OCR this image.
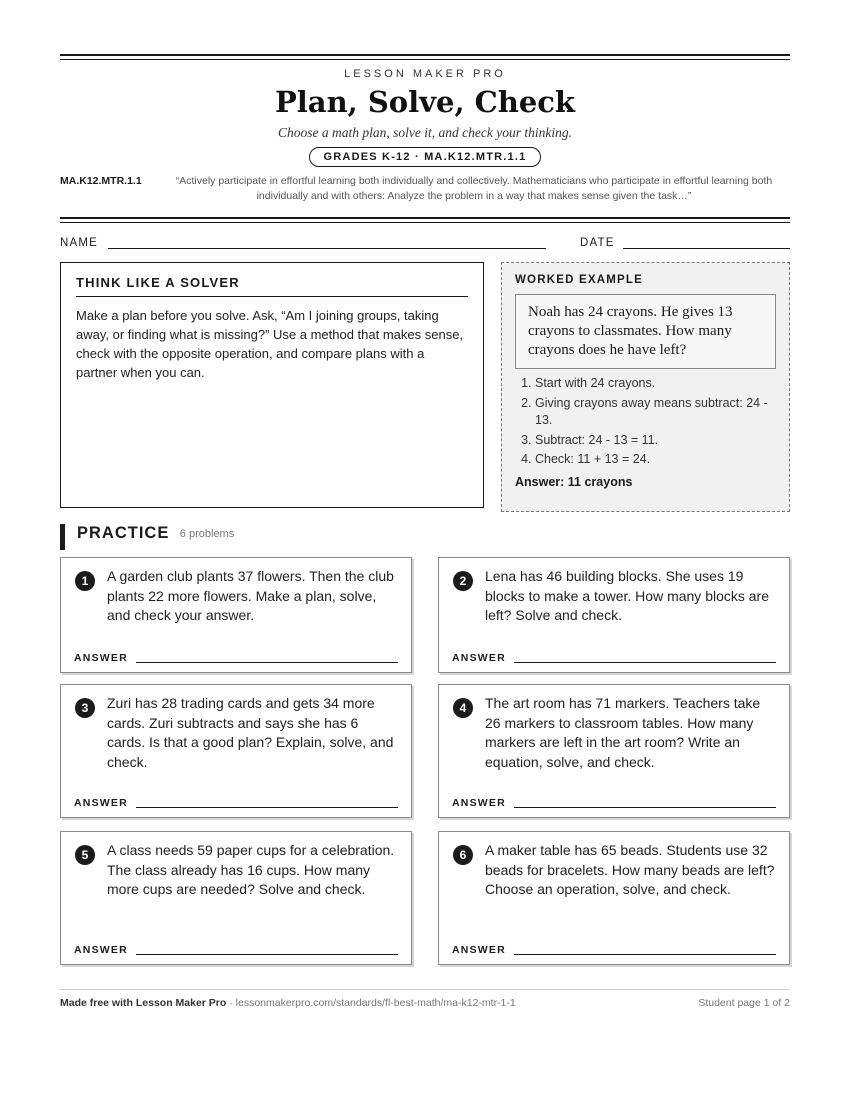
LESSON MAKER PRO
Plan, Solve, Check
Choose a math plan, solve it, and check your thinking.
GRADES K-12 · MA.K12.MTR.1.1
MA.K12.MTR.1.1	“Actively participate in effortful learning both individually and collectively. Mathematicians who participate in effortful learning both individually and with others: Analyze the problem in a way that makes sense given the task…”
NAME	DATE
THINK LIKE A SOLVER

Make a plan before you solve. Ask, “Am I joining groups, taking away, or finding what is missing?” Use a method that makes sense, check with the opposite operation, and compare plans with a partner when you can.

WORKED EXAMPLE
Noah has 24 crayons. He gives 13 crayons to classmates. How many crayons does he have left?
1. Start with 24 crayons.
2. Giving crayons away means subtract: 24 - 13.
3. Subtract: 24 - 13 = 11.
4. Check: 11 + 13 = 24.
Answer: 11 crayons
PRACTICE 6 problems
1	A garden club plants 37 flowers. Then the club plants 22 more flowers. Make a plan, solve, and check your answer.
ANSWER
2	Lena has 46 building blocks. She uses 19 blocks to make a tower. How many blocks are left? Solve and check.
ANSWER
3	Zuri has 28 trading cards and gets 34 more cards. Zuri subtracts and says she has 6 cards. Is that a good plan? Explain, solve, and check.
ANSWER
4	The art room has 71 markers. Teachers take 26 markers to classroom tables. How many markers are left in the art room? Write an equation, solve, and check.
ANSWER
5	A class needs 59 paper cups for a celebration. The class already has 16 cups. How many more cups are needed? Solve and check.
ANSWER
6	A maker table has 65 beads. Students use 32 beads for bracelets. How many beads are left? Choose an operation, solve, and check.
ANSWER
Made free with Lesson Maker Pro · lessonmakerpro.com/standards/fl-best-math/ma-k12-mtr-1-1	Student page 1 of 2
